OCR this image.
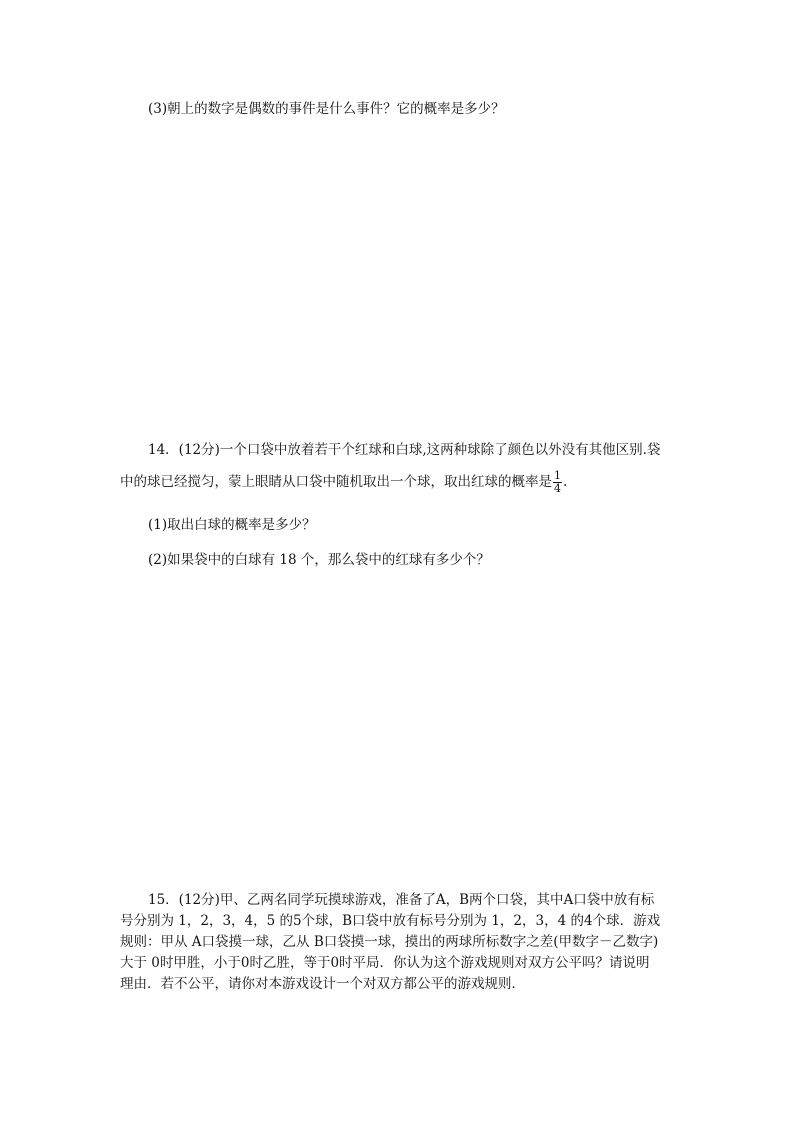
(3)朝上的数字是偶数的事件是什么事件？它的概率是多少？
14．(12分)一个口袋中放着若干个红球和白球,这两种球除了颜色以外没有其他区别.袋
中的球已经搅匀，蒙上眼睛从口袋中随机取出一个球，取出红球的概率是 $\frac{1}{4}$ .
(1)取出白球的概率是多少？
(2)如果袋中的白球有 18 个，那么袋中的红球有多少个？
15．(12分)甲、乙两名同学玩摸球游戏，准备了A，B两个口袋，其中A口袋中放有标
号分别为 1，2，3，4，5 的5个球，B口袋中放有标号分别为 1，2，3，4 的4个球．游戏
规则：甲从 A口袋摸一球，乙从 B口袋摸一球，摸出的两球所标数字之差(甲数字－乙数字)
大于 0时甲胜，小于0时乙胜，等于0时平局．你认为这个游戏规则对双方公平吗？请说明
理由．若不公平，请你对本游戏设计一个对双方都公平的游戏规则．
